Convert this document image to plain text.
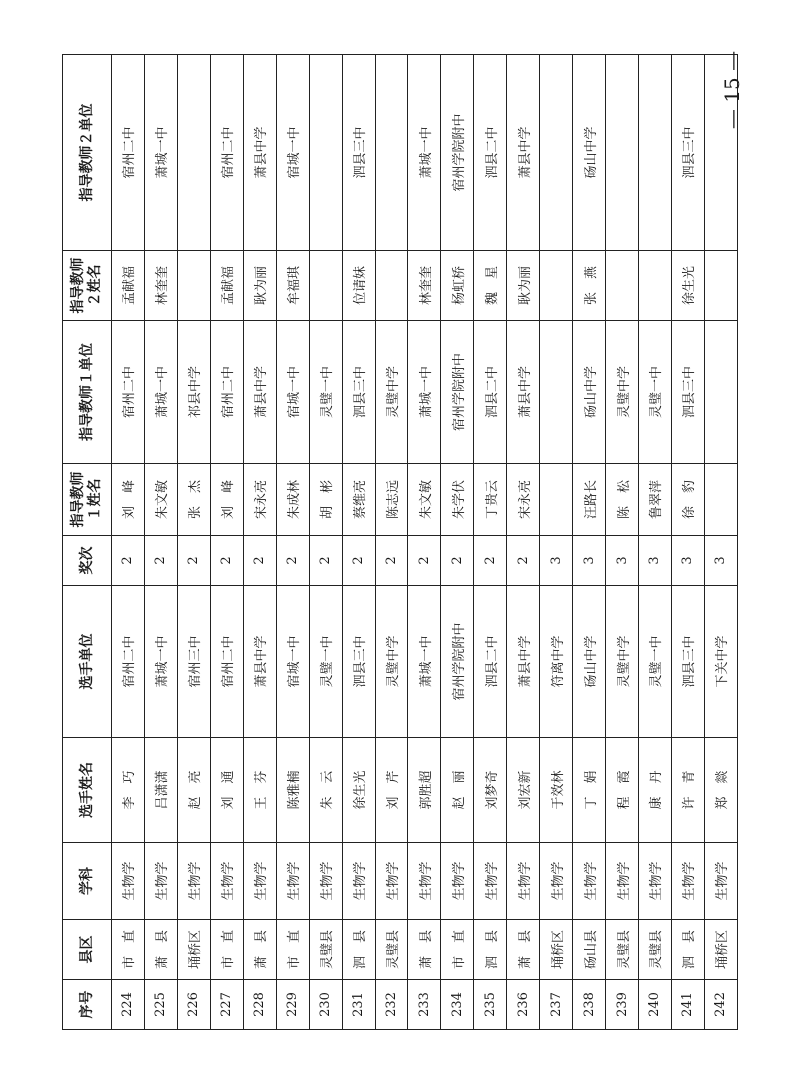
序号	县区	学科	选手姓名	选手单位	奖次	指导教师１姓名	指导教师１单位	指导教师２姓名	指导教师２单位
224	市　直	生物学	李　巧	宿州二中	2	刘　峰	宿州二中	孟献福	宿州二中
225	萧　县	生物学	吕潇潇	萧城一中	2	朱文敏	萧城一中	林奎奎	萧城一中
226	埇桥区	生物学	赵　亮	宿州三中	2	张　杰	祁县中学		
227	市　直	生物学	刘　通	宿州二中	2	刘　峰	宿州二中	孟献福	宿州二中
228	萧　县	生物学	王　芬	萧县中学	2	宋永亮	萧县中学	耿为丽	萧县中学
229	市　直	生物学	陈雅楠	宿城一中	2	朱成林	宿城一中	牟福琪	宿城一中
230	灵璧县	生物学	朱　云	灵璧一中	2	胡　彬	灵璧一中		
231	泗　县	生物学	徐生光	泗县三中	2	蔡维亮	泗县三中	位请妹	泗县三中
232	灵璧县	生物学	刘　芹	灵璧中学	2	陈志远	灵璧中学		
233	萧　县	生物学	郭胜超	萧城一中	2	朱文敏	萧城一中	林奎奎	萧城一中
234	市　直	生物学	赵　丽	宿州学院附中	2	朱学伏	宿州学院附中	杨虹桥	宿州学院附中
235	泗　县	生物学	刘梦奇	泗县二中	2	丁贵云	泗县二中	魏　星	泗县二中
236	萧　县	生物学	刘宏新	萧县中学	2	宋永亮	萧县中学	耿为丽	萧县中学
237	埇桥区	生物学	于效林	符离中学	3				
238	砀山县	生物学	丁　娟	砀山中学	3	汪路长	砀山中学	张　燕	砀山中学
239	灵璧县	生物学	程　霞	灵璧中学	3	陈　松	灵璧中学		
240	灵璧县	生物学	康　丹	灵璧一中	3	鲁翠萍	灵璧一中		
241	泗　县	生物学	许　青	泗县三中	3	徐　豹	泗县三中	徐生光	泗县三中
242	埇桥区	生物学	郑　燚	下关中学	3				
— 15 —
